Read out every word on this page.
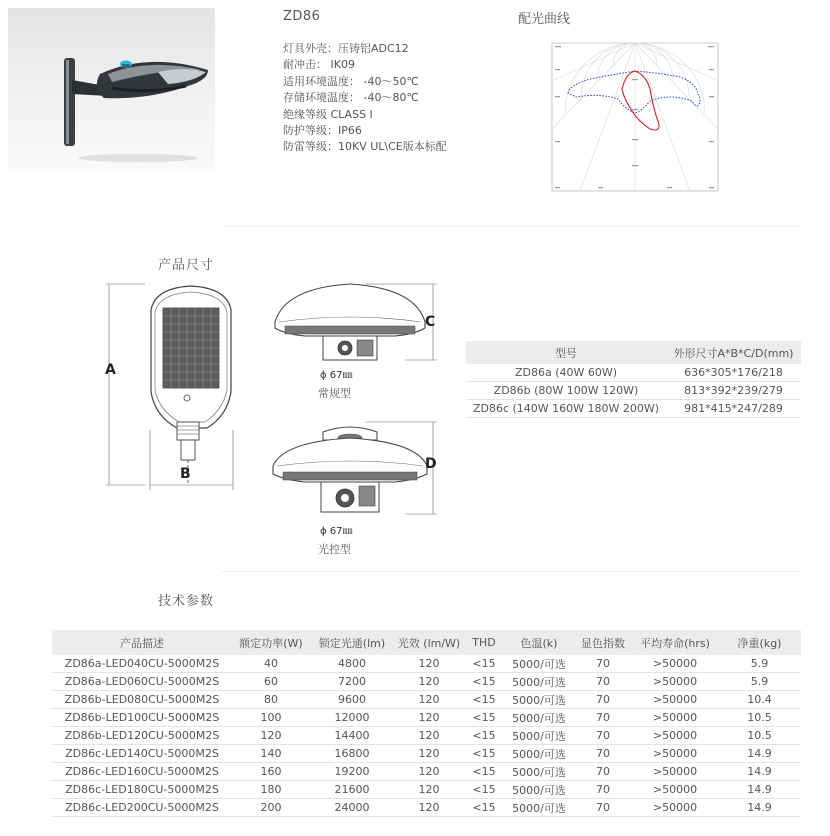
ZD86
灯具外壳：压铸铝ADC12
耐冲击： IK09
适用环境温度： -40～50℃
存储环境温度： -40～80℃
绝缘等级 CLASS I
防护等级：IP66
防雷等级：10KV UL\CE版本标配
配光曲线
产品尺寸
A
B
C
ϕ 67㎜
常规型
D
ϕ 67㎜
光控型
型号	外形尺寸A*B*C/D(mm)
ZD86a (40W 60W)	636*305*176/218
ZD86b (80W 100W 120W)	813*392*239/279
ZD86c (140W 160W 180W 200W)	981*415*247/289
技术参数
产品描述	额定功率(W)	锁定光通(lm)	光效 (lm/W)	THD	色温(k)	显色指数	平均寿命(hrs)	净重(kg)
ZD86a-LED040CU-5000M2S	40	4800	120	<15	5000/可选	70	>50000	5.9
ZD86a-LED060CU-5000M2S	60	7200	120	<15	5000/可选	70	>50000	5.9
ZD86b-LED080CU-5000M2S	80	9600	120	<15	5000/可选	70	>50000	10.4
ZD86b-LED100CU-5000M2S	100	12000	120	<15	5000/可选	70	>50000	10.5
ZD86b-LED120CU-5000M2S	120	14400	120	<15	5000/可选	70	>50000	10.5
ZD86c-LED140CU-5000M2S	140	16800	120	<15	5000/可选	70	>50000	14.9
ZD86c-LED160CU-5000M2S	160	19200	120	<15	5000/可选	70	>50000	14.9
ZD86c-LED180CU-5000M2S	180	21600	120	<15	5000/可选	70	>50000	14.9
ZD86c-LED200CU-5000M2S	200	24000	120	<15	5000/可选	70	>50000	14.9
